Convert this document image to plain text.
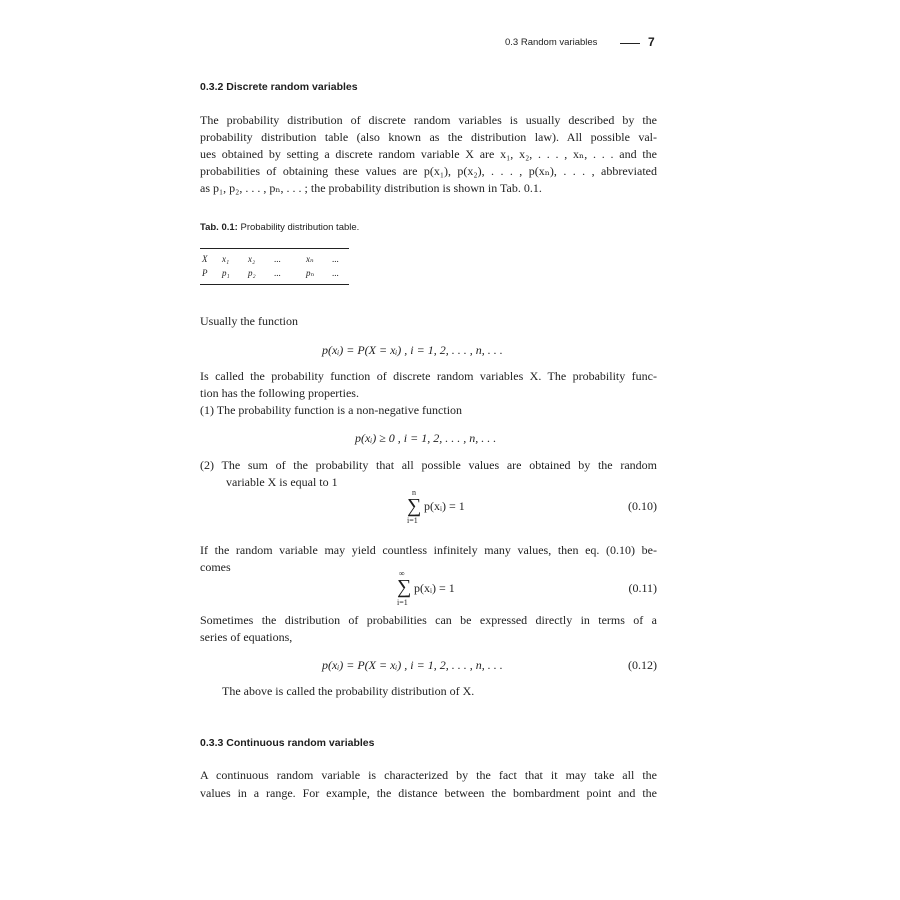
0.3 Random variables	7
0.3.2 Discrete random variables
The probability distribution of discrete random variables is usually described by the
probability distribution table (also known as the distribution law). All possible val-
ues obtained by setting a discrete random variable X are x₁, x₂, . . . , xₙ, . . . and the
probabilities of obtaining these values are p(x₁), p(x₂), . . . , p(xₙ), . . . , abbreviated
as p₁, p₂, . . . , pₙ, . . . ; the probability distribution is shown in Tab. 0.1.
Tab. 0.1: Probability distribution table.
X x₁ x₂ ...	xₙ ...
P p₁ p₂ ...	pₙ ...
Usually the function
p(xᵢ) = P(X = xᵢ) , i = 1, 2, . . . , n, . . .
Is called the probability function of discrete random variables X. The probability func-
tion has the following properties.
(1) The probability function is a non-negative function
p(xᵢ) ≥ 0 , i = 1, 2, . . . , n, . . .
(2) The sum of the probability that all possible values are obtained by the random
variable X is equal to 1
n
∑
i=1
p(xᵢ) = 1	(0.10)
If the random variable may yield countless infinitely many values, then eq. (0.10) be-
comes	∞
∑
i=1
p(xᵢ) = 1	(0.11)
Sometimes the distribution of probabilities can be expressed directly in terms of a
series of equations,
p(xᵢ) = P(X = xᵢ) , i = 1, 2, . . . , n, . . .	(0.12)
The above is called the probability distribution of X.
0.3.3 Continuous random variables
A continuous random variable is characterized by the fact that it may take all the
values in a range. For example, the distance between the bombardment point and the
